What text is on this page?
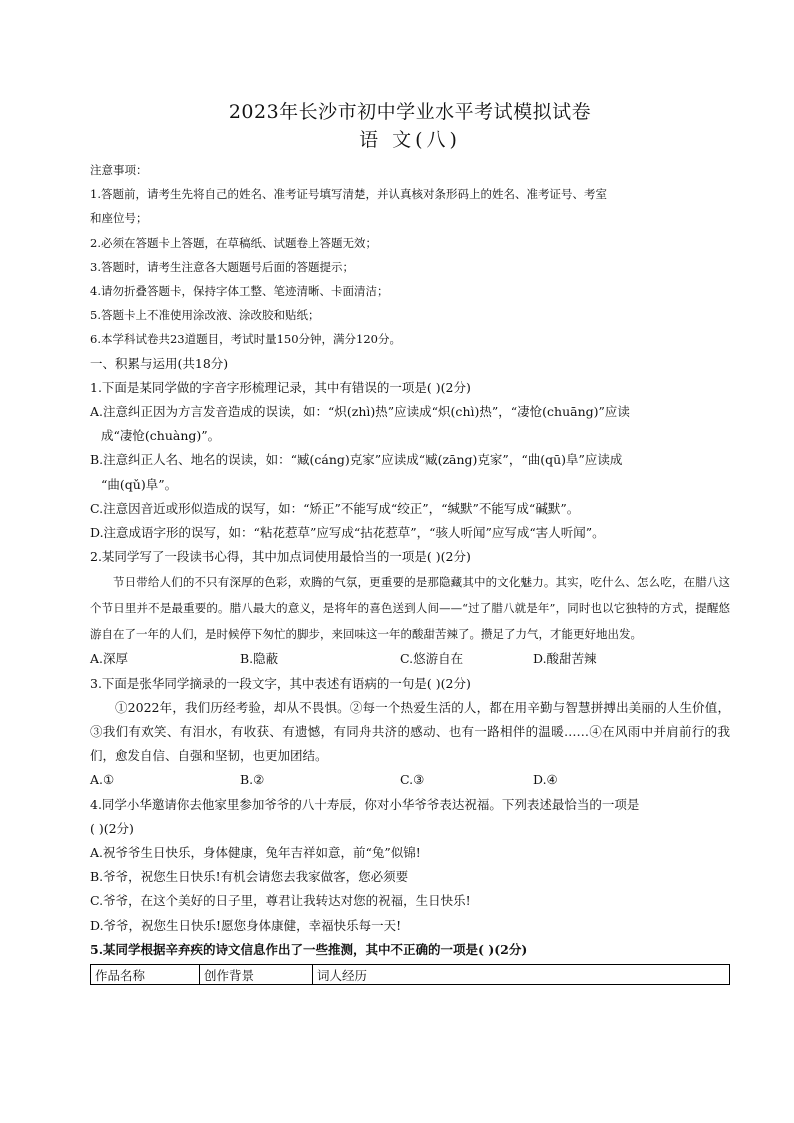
2023年长沙市初中学业水平考试模拟试卷
语 文(八)
注意事项：
1.答题前，请考生先将自己的姓名、准考证号填写清楚，并认真核对条形码上的姓名、准考证号、考室
和座位号；
2.必须在答题卡上答题，在草稿纸、试题卷上答题无效；
3.答题时，请考生注意各大题题号后面的答题提示；
4.请勿折叠答题卡，保持字体工整、笔迹清晰、卡面清洁；
5.答题卡上不准使用涂改液、涂改胶和贴纸；
6.本学科试卷共23道题目，考试时量150分钟，满分120分。
一、积累与运用(共18分)
1.下面是某同学做的字音字形梳理记录，其中有错误的一项是( )(2分)
A.注意纠正因为方言发音造成的误读，如：“炽(zhì)热”应读成“炽(chì)热”，“凄怆(chuāng)”应读
成“凄怆(chuàng)”。
B.注意纠正人名、地名的误读，如：“臧(cáng)克家”应读成“臧(zāng)克家”，“曲(qū)阜”应读成
“曲(qǔ)阜”。
C.注意因音近或形似造成的误写，如：“矫正”不能写成“绞正”，“缄默”不能写成“碱默”。
D.注意成语字形的误写，如：“粘花惹草”应写成“拈花惹草”，“骇人听闻”应写成“害人听闻”。
2.某同学写了一段读书心得，其中加点词使用最恰当的一项是( )(2分)
节日带给人们的不只有深厚的色彩，欢腾的气氛，更重要的是那隐藏其中的文化魅力。其实，吃什么、怎么吃，在腊八这个节日里并不是最重要的。腊八最大的意义，是将年的喜色送到人间——“过了腊八就是年”，同时也以它独特的方式，提醒悠游自在了一年的人们，是时候停下匆忙的脚步，来回味这一年的酸甜苦辣了。攒足了力气，才能更好地出发。
A.深厚	B.隐蔽	C.悠游自在	D.酸甜苦辣
3.下面是张华同学摘录的一段文字，其中表述有语病的一句是( )(2分)
①2022年，我们历经考验，却从不畏惧。②每一个热爱生活的人，都在用辛勤与智慧拼搏出美丽的人生价值，③我们有欢笑、有泪水，有收获、有遗憾，有同舟共济的感动、也有一路相伴的温暖……④在风雨中并肩前行的我们，愈发自信、自强和坚韧，也更加团结。
A.①	B.②	C.③	D.④
4.同学小华邀请你去他家里参加爷爷的八十寿辰，你对小华爷爷表达祝福。下列表述最恰当的一项是
( )(2分)
A.祝爷爷生日快乐，身体健康，兔年吉祥如意，前“兔”似锦!
B.爷爷，祝您生日快乐!有机会请您去我家做客，您必须要
C.爷爷，在这个美好的日子里，尊君让我转达对您的祝福，生日快乐!
D.爷爷，祝您生日快乐!愿您身体康健，幸福快乐每一天!
5.某同学根据辛弃疾的诗文信息作出了一些推测，其中不正确的一项是( )(2分)
作品名称	创作背景	词人经历
